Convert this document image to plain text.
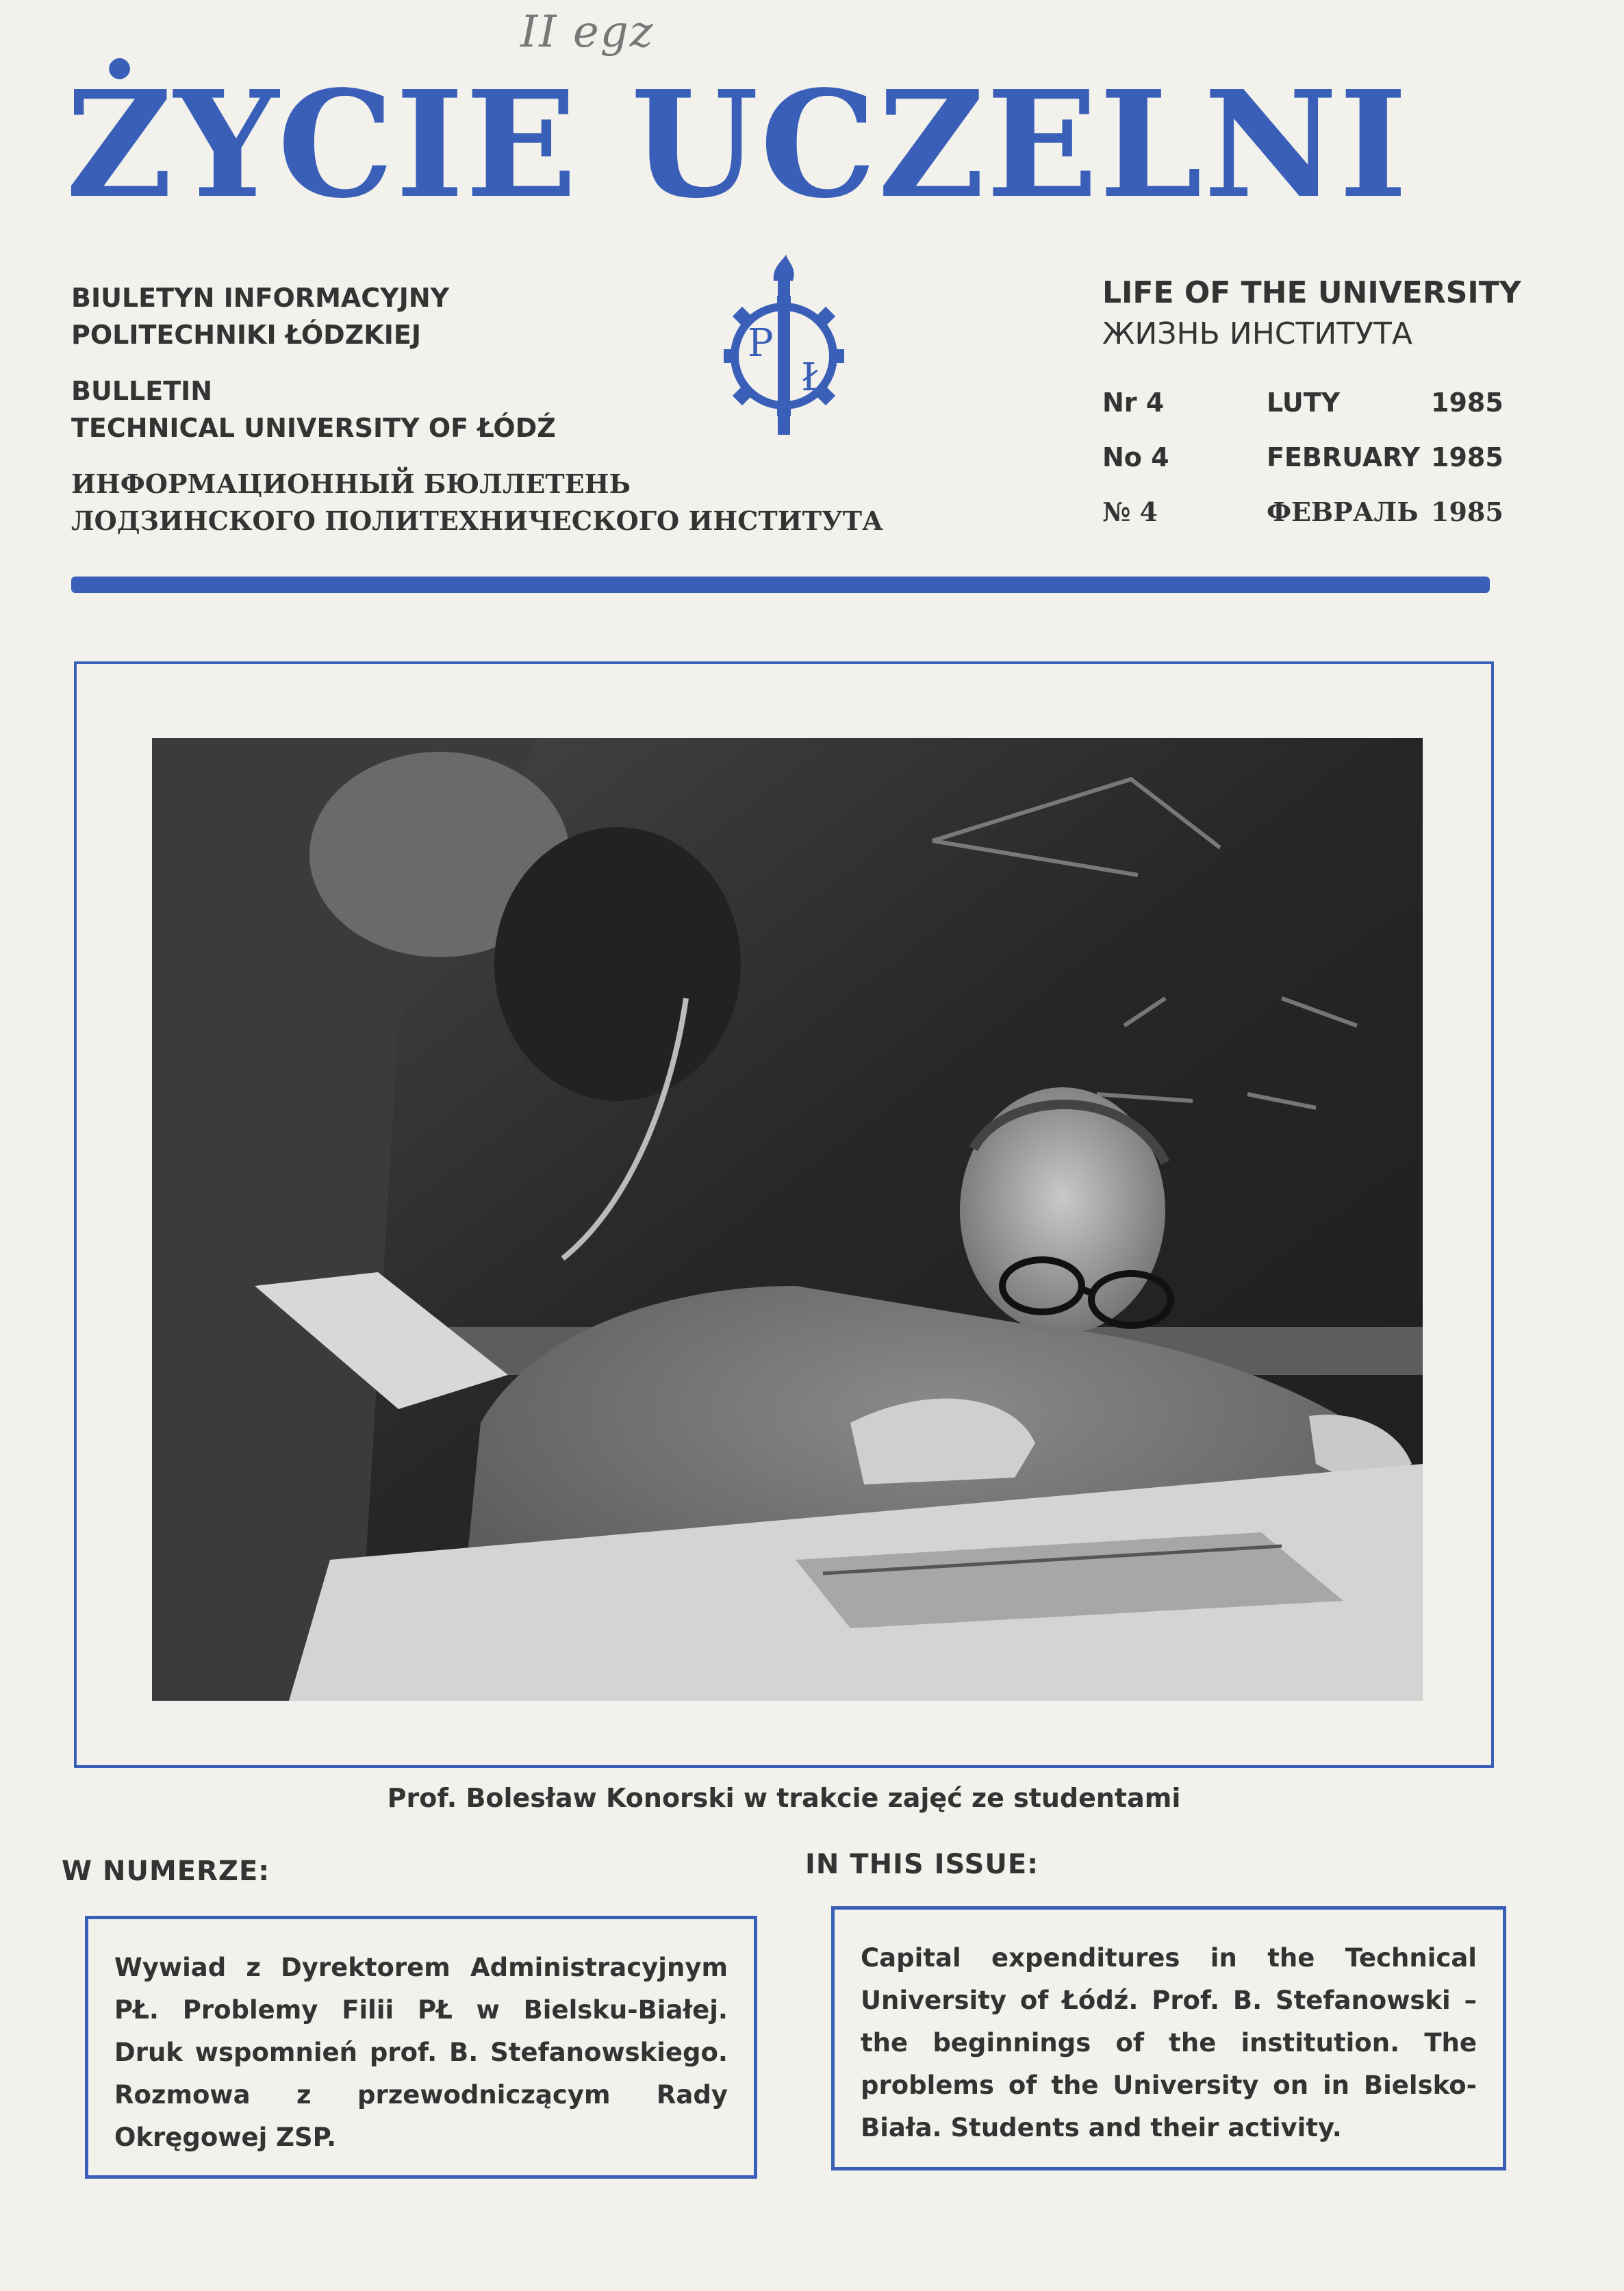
II egz
ŻYCIE UCZELNI
BIULETYN INFORMACYJNY
POLITECHNIKI ŁÓDZKIEJ
BULLETIN
TECHNICAL UNIVERSITY OF ŁÓDŹ
ИНФОРМАЦИОННЫЙ БЮЛЛЕТЕНЬ
ЛОДЗИНСКОГО ПОЛИТЕХНИЧЕСКОГО ИНСТИТУТА
P
Ł
LIFE OF THE UNIVERSITY
ЖИЗНЬ ИНСТИТУТА
Nr 4	LUTY	1985
No 4	FEBRUARY 1985
№ 4	ФЕВРАЛЬ 1985
Prof. Bolesław Konorski w trakcie zajęć ze studentami
W NUMERZE:	IN THIS ISSUE:
Wywiad z Dyrektorem Administracyjnym PŁ. Problemy Filii PŁ w Bielsku-Białej. Druk wspomnień prof. B. Stefanowskiego. Rozmowa z przewodniczącym Rady Okręgowej ZSP.
Capital expenditures in the Technical University of Łódź. Prof. B. Stefanowski – the beginnings of the institution. The problems of the University on in Bielsko-Biała. Students and their activity.
